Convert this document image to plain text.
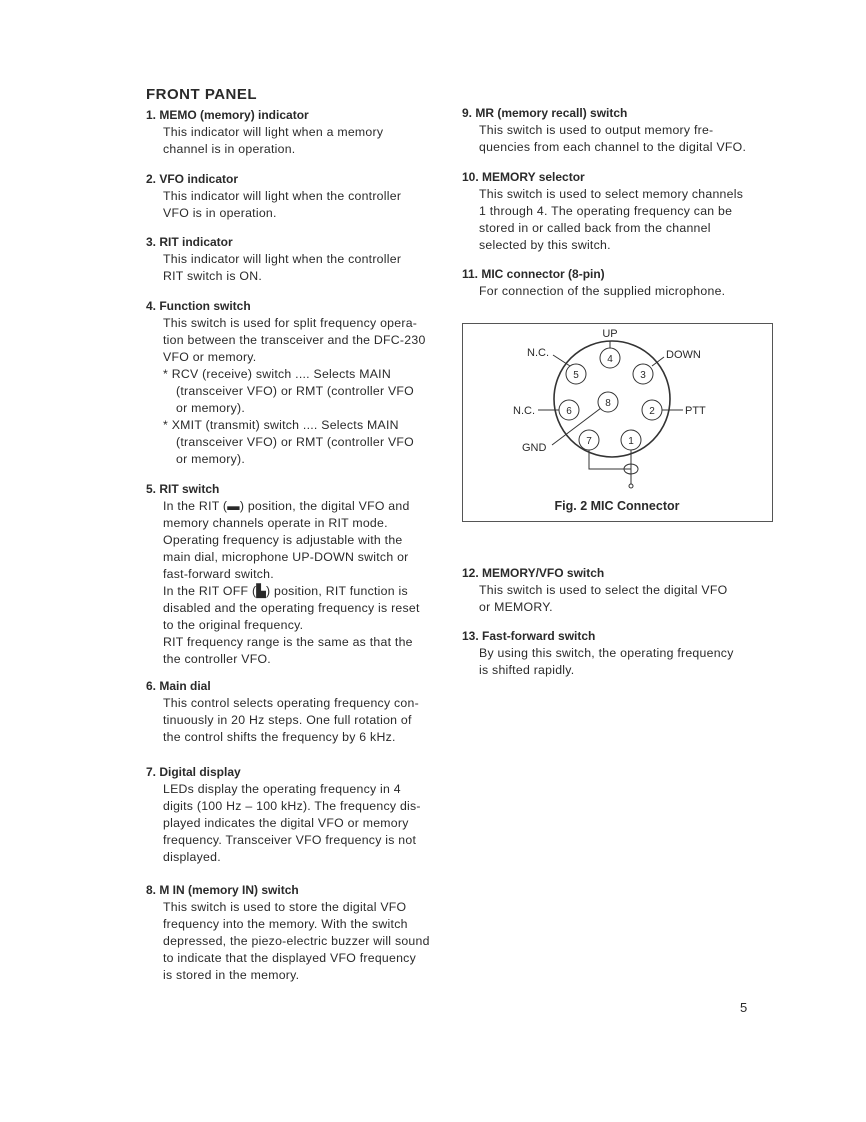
FRONT PANEL
1. MEMO (memory) indicator
This indicator will light when a memory
channel is in operation.
2. VFO indicator
This indicator will light when the controller
VFO is in operation.
3. RIT indicator
This indicator will light when the controller
RIT switch is ON.
4. Function switch
This switch is used for split frequency opera-
tion between the transceiver and the DFC-230
VFO or memory.
* RCV (receive) switch .... Selects MAIN
(transceiver VFO) or RMT (controller VFO
or memory).
* XMIT (transmit) switch .... Selects MAIN
(transceiver VFO) or RMT (controller VFO
or memory).
5. RIT switch
In the RIT (▬) position, the digital VFO and
memory channels operate in RIT mode.
Operating frequency is adjustable with the
main dial, microphone UP-DOWN switch or
fast-forward switch.
In the RIT OFF (▙) position, RIT function is
disabled and the operating frequency is reset
to the original frequency.
RIT frequency range is the same as that the
the controller VFO.
6. Main dial
This control selects operating frequency con-
tinuously in 20 Hz steps. One full rotation of
the control shifts the frequency by 6 kHz.
7. Digital display
LEDs display the operating frequency in 4
digits (100 Hz – 100 kHz). The frequency dis-
played indicates the digital VFO or memory
frequency. Transceiver VFO frequency is not
displayed.
8. M IN (memory IN) switch
This switch is used to store the digital VFO
frequency into the memory. With the switch
depressed, the piezo-electric buzzer will sound
to indicate that the displayed VFO frequency
is stored in the memory.
9. MR (memory recall) switch
This switch is used to output memory fre-
quencies from each channel to the digital VFO.
10. MEMORY selector
This switch is used to select memory channels
1 through 4. The operating frequency can be
stored in or called back from the channel
selected by this switch.
11. MIC connector (8-pin)
For connection of the supplied microphone.
12. MEMORY/VFO switch
This switch is used to select the digital VFO
or MEMORY.
13. Fast-forward switch
By using this switch, the operating frequency
is shifted rapidly.
1
2
3
4
5
6
7
8
UP
N.C.	DOWN
N.C.	PTT
GND
Fig. 2 MIC Connector
5
